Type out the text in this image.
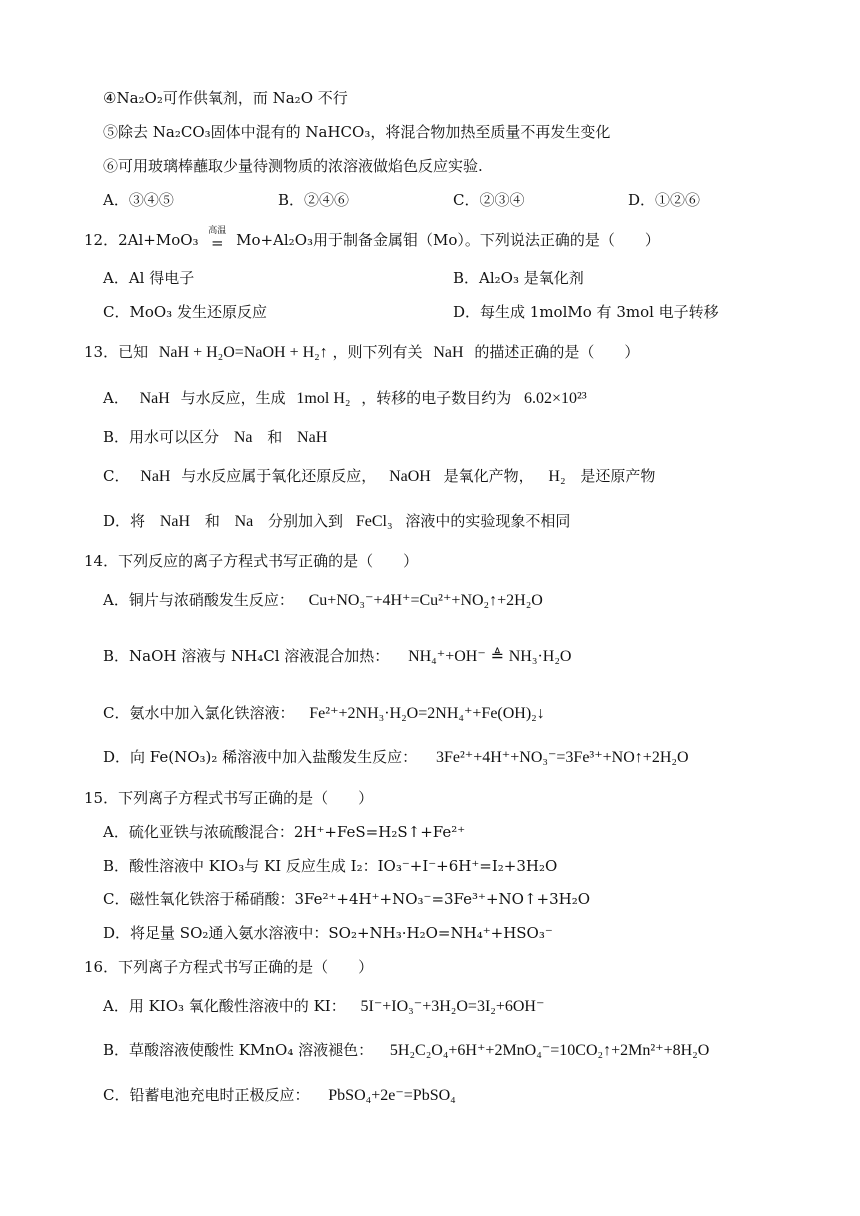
④Na₂O₂可作供氧剂，而 Na₂O 不行
⑤除去 Na₂CO₃固体中混有的 NaHCO₃，将混合物加热至质量不再发生变化
⑥可用玻璃棒蘸取少量待测物质的浓溶液做焰色反应实验.
A．③④⑤	B．②④⑥	C．②③④	D．①②⑥
12．2Al+MoO₃	高温
= Mo+Al₂O₃用于制备金属钼（Mo）。下列说法正确的是（　　）
A．Al 得电子	B．Al₂O₃ 是氧化剂
C．MoO₃ 发生还原反应	D．每生成 1molMo 有 3mol 电子转移
13．已知 NaH + H₂O=NaOH + H₂↑ ，则下列有关 NaH 的描述正确的是（　　）
A． NaH 与水反应，生成 1mol H₂ ，转移的电子数目约为 6.02×10²³
B．用水可以区分 Na 和 NaH
C． NaH 与水反应属于氧化还原反应， NaOH 是氧化产物， H₂ 是还原产物
D．将 NaH 和 Na 分别加入到 FeCl₃ 溶液中的实验现象不相同
14．下列反应的离子方程式书写正确的是（　　）
A．铜片与浓硝酸发生反应： Cu+NO₃⁻+4H⁺=Cu²⁺+NO₂↑+2H₂O
B．NaOH 溶液与 NH₄Cl 溶液混合加热： NH₄⁺+OH⁻ ≜ NH₃·H₂O
C．氨水中加入氯化铁溶液： Fe²⁺+2NH₃·H₂O=2NH₄⁺+Fe(OH)₂↓
D．向 Fe(NO₃)₂ 稀溶液中加入盐酸发生反应： 3Fe²⁺+4H⁺+NO₃⁻=3Fe³⁺+NO↑+2H₂O
15．下列离子方程式书写正确的是（　　）
A．硫化亚铁与浓硫酸混合：2H⁺+FeS=H₂S↑+Fe²⁺
B．酸性溶液中 KIO₃与 KI 反应生成 I₂：IO₃⁻+I⁻+6H⁺=I₂+3H₂O
C．磁性氧化铁溶于稀硝酸：3Fe²⁺+4H⁺+NO₃⁻=3Fe³⁺+NO↑+3H₂O
D．将足量 SO₂通入氨水溶液中：SO₂+NH₃·H₂O=NH₄⁺+HSO₃⁻
16．下列离子方程式书写正确的是（　　）
A．用 KIO₃ 氧化酸性溶液中的 KI： 5I⁻+IO₃⁻+3H₂O=3I₂+6OH⁻
B．草酸溶液使酸性 KMnO₄ 溶液褪色： 5H₂C₂O₄+6H⁺+2MnO₄⁻=10CO₂↑+2Mn²⁺+8H₂O
C．铅蓄电池充电时正极反应： PbSO₄+2e⁻=PbSO₄
